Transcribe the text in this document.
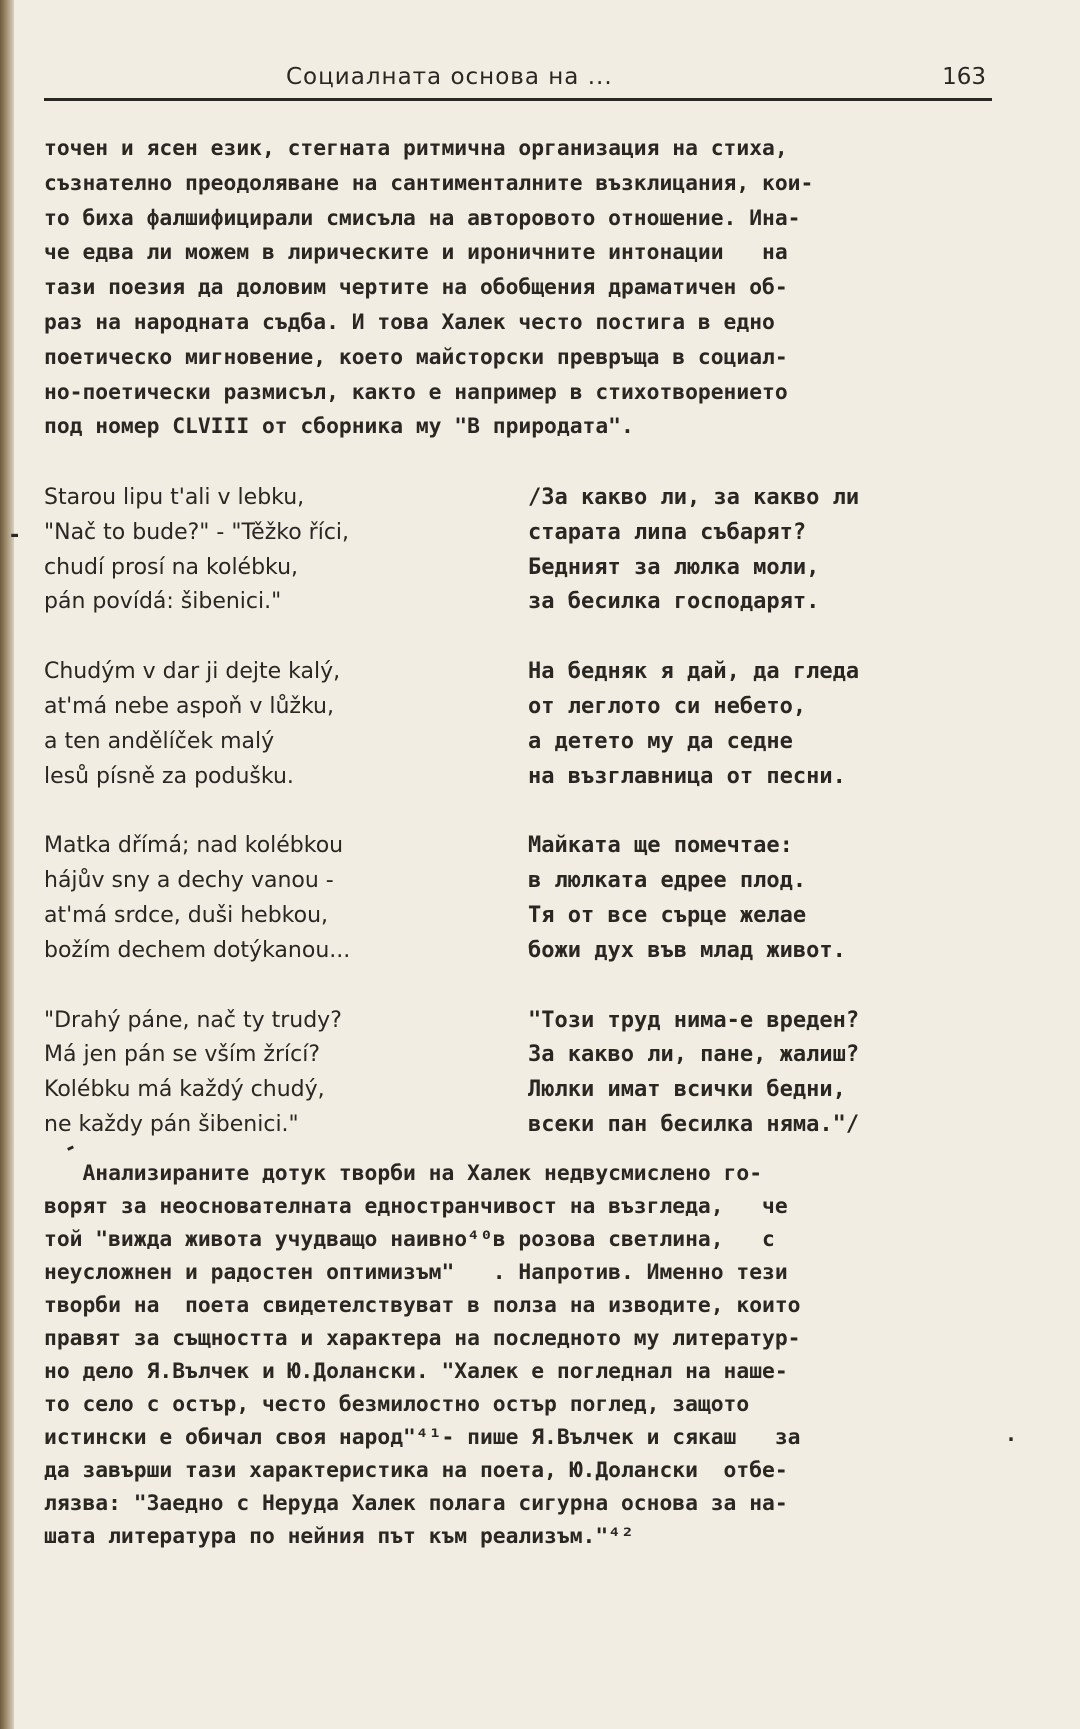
Социалната основа на ...	163
точен и ясен език, стегната ритмична организация на стиха,
съзнателно преодоляване на сантименталните възклицания, кои-
то биха фалшифицирали смисъла на авторовото отношение. Ина-
че едва ли можем в лирическите и ироничните интонации   на
тази поезия да доловим чертите на обобщения драматичен об-
раз на народната съдба. И това Халек често постига в едно
поетическо мигновение, което майсторски превръща в социал-
но-поетически размисъл, както е например в стихотворението
под номер CLVIII от сборника му "В природата".
-
Starou lipu t'ali v lebku,
"Nač to bude?" - "Těžko říci,
chudí prosí na kolébku,
pán povídá: šibenici."
Chudým v dar ji dejte kalý,
at'má nebe aspoň v lůžku,
a ten andělíček malý
lesů písně za podušku.
Matka dřímá; nad kolébkou
hájův sny a dechy vanou -
at'má srdce, duši hebkou,
božím dechem dotýkanou...
"Drahý páne, nač ty trudy?
Má jen pán se vším žrící?
Kolébku má každý chudý,
ne každy pán šibenici."
/За какво ли, за какво ли
старата липа събарят?
Бедният за люлка моли,
за бесилка господарят.
На бедняк я дай, да гледа
от леглото си небето,
а детето му да седне
на възглавница от песни.
Майката ще помечтае:
в люлката едрее плод.
Тя от все сърце желае
божи дух във млад живот.
"Този труд нима-е вреден?
За какво ли, пане, жалиш?
Люлки имат всички бедни,
всеки пан бесилка няма."/
-
Анализираните дотук творби на Халек недвусмислено го-
ворят за неоснователната едностранчивост на възгледа,   че
той "вижда живота учудващо наивно⁴⁰в розова светлина,   с
неусложнен и радостен оптимизъм"   . Напротив. Именно тези
творби на  поета свидетелствуват в полза на изводите, които
правят за същността и характера на последното му литератур-
но дело Я.Вълчек и Ю.Долански. "Халек е погледнал на наше-
то село с остър, често безмилостно остър поглед, защото
истински е обичал своя народ"⁴¹- пише Я.Вълчек и сякаш   за
да завърши тази характеристика на поета, Ю.Долански  отбе-
лязва: "Заедно с Неруда Халек полага сигурна основа за на-
шата литература по нейния път към реализъм."⁴²
.
